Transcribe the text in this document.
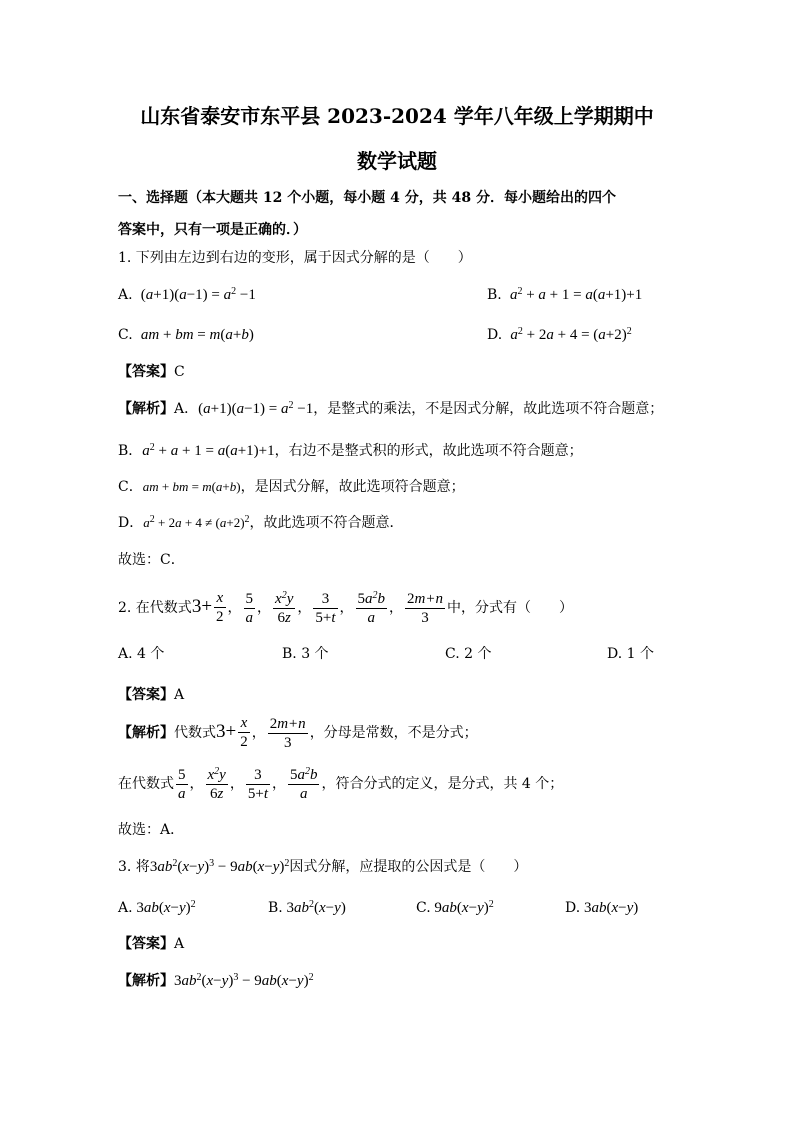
山东省泰安市东平县 2023-2024 学年八年级上学期期中
数学试题
一、选择题（本大题共 12 个小题，每小题 4 分，共 48 分．每小题给出的四个
答案中，只有一项是正确的．）
1. 下列由左边到右边的变形，属于因式分解的是（　　）
A.  $(a+1)(a-1) = a^2 -1$	B. $a^2 + a + 1 = a(a+1)+1$
C. am + bm = m(a+b)	D. $a^2 + 2a + 4 = (a+2)^2$
【答案】C
【解析】A．$(a+1)(a-1) = a^2 -1$，是整式的乘法，不是因式分解，故此选项不符合题意；
B．$a^2 + a + 1 = a(a+1)+1$，右边不是整式积的形式，故此选项不符合题意；
C．am + bm = m(a+b)，是因式分解，故此选项符合题意；
D．$a^2 + 2a + 4 \ne (a+2)^2$，故此选项不符合题意．
故选：C．
2. 在代数式$3+ \frac{x}{2}$ ， $\frac{5}{a}$ ， $\frac{x^2y}{6z}$ ， $\frac{3}{5+t}$ ， $\frac{5a^2b}{a}$ ， $\frac{2m+n}{3}$ 中，分式有（　　）
A. 4 个	B. 3 个	C. 2 个	D. 1 个
【答案】A
【解析】代数式$3+ \frac{x}{2}$ ， $\frac{2m+n}{3}$ ，分母是常数，不是分式；
在代数式 $\frac{5}{a}$ ， $\frac{x^2y}{6z}$ ， $\frac{3}{5+t}$ ， $\frac{5a^2b}{a}$ ，符合分式的定义，是分式，共 4 个；
故选：A．
3. 将$3ab^2(x-y)^3 - 9ab(x-y)^2$因式分解，应提取的公因式是（　　）
A. $3ab(x-y)^2$	B. $3ab^2(x-y)$	C. $9ab(x-y)^2$	D. 3ab(x−y)
【答案】A
【解析】$3ab^2(x-y)^3 - 9ab(x-y)^2$
